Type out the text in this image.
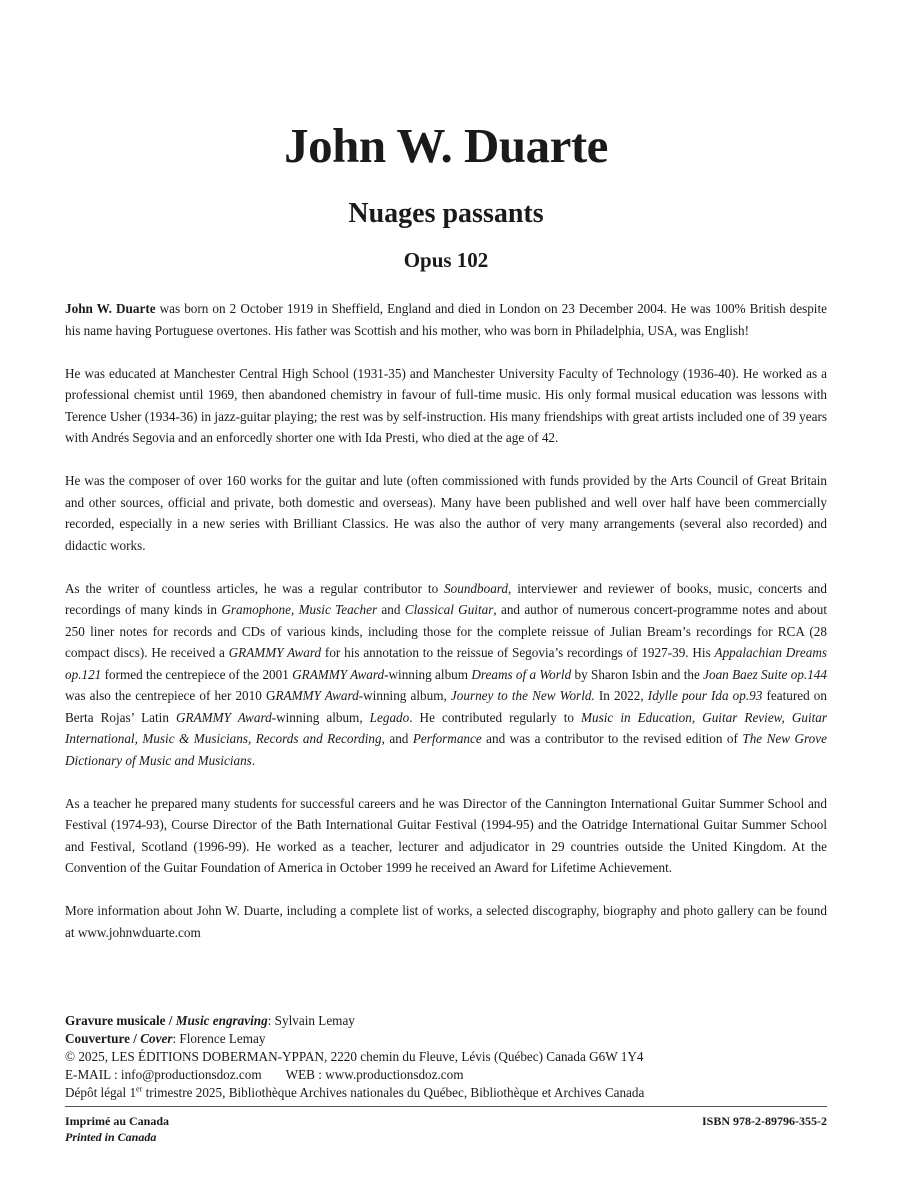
John W. Duarte
Nuages passants
Opus 102

John W. Duarte was born on 2 October 1919 in Sheffield, England and died in London on 23 December 2004. He was 100% British despite his name having Portuguese overtones. His father was Scottish and his mother, who was born in Philadelphia, USA, was English!

He was educated at Manchester Central High School (1931-35) and Manchester University Faculty of Technology (1936-40). He worked as a professional chemist until 1969, then abandoned chemistry in favour of full-time music. His only formal musical education was lessons with Terence Usher (1934-36) in jazz-guitar playing; the rest was by self-instruction. His many friendships with great artists included one of 39 years with Andrés Segovia and an enforcedly shorter one with Ida Presti, who died at the age of 42.

He was the composer of over 160 works for the guitar and lute (often commissioned with funds provided by the Arts Council of Great Britain and other sources, official and private, both domestic and overseas). Many have been published and well over half have been commercially recorded, especially in a new series with Brilliant Classics. He was also the author of very many arrangements (several also recorded) and didactic works.

As the writer of countless articles, he was a regular contributor to Soundboard, interviewer and reviewer of books, music, concerts and recordings of many kinds in Gramophone, Music Teacher and Classical Guitar, and author of numerous concert-programme notes and about 250 liner notes for records and CDs of various kinds, including those for the complete reissue of Julian Bream’s recordings for RCA (28 compact discs). He received a GRAMMY Award for his annotation to the reissue of Segovia’s recordings of 1927-39. His Appalachian Dreams op.121 formed the centrepiece of the 2001 GRAMMY Award-winning album Dreams of a World by Sharon Isbin and the Joan Baez Suite op.144 was also the centrepiece of her 2010 GRAMMY Award-winning album, Journey to the New World. In 2022, Idylle pour Ida op.93 featured on Berta Rojas’ Latin GRAMMY Award-winning album, Legado. He contributed regularly to Music in Education, Guitar Review, Guitar International, Music & Musicians, Records and Recording, and Performance and was a contributor to the revised edition of The New Grove Dictionary of Music and Musicians.

As a teacher he prepared many students for successful careers and he was Director of the Cannington International Guitar Summer School and Festival (1974-93), Course Director of the Bath International Guitar Festival (1994-95) and the Oatridge International Guitar Summer School and Festival, Scotland (1996-99). He worked as a teacher, lecturer and adjudicator in 29 countries outside the United Kingdom. At the Convention of the Guitar Foundation of America in October 1999 he received an Award for Lifetime Achievement.

More information about John W. Duarte, including a complete list of works, a selected discography, biography and photo gallery can be found at www.johnwduarte.com

Gravure musicale / Music engraving: Sylvain Lemay
Couverture / Cover: Florence Lemay
© 2025, LES ÉDITIONS DOBERMAN-YPPAN, 2220 chemin du Fleuve, Lévis (Québec) Canada G6W 1Y4
E-MAIL : info@productionsdoz.com WEB : www.productionsdoz.com
Dépôt légal 1er trimestre 2025, Bibliothèque Archives nationales du Québec, Bibliothèque et Archives Canada
Imprimé au Canada
Printed in Canada
ISBN 978-2-89796-355-2
